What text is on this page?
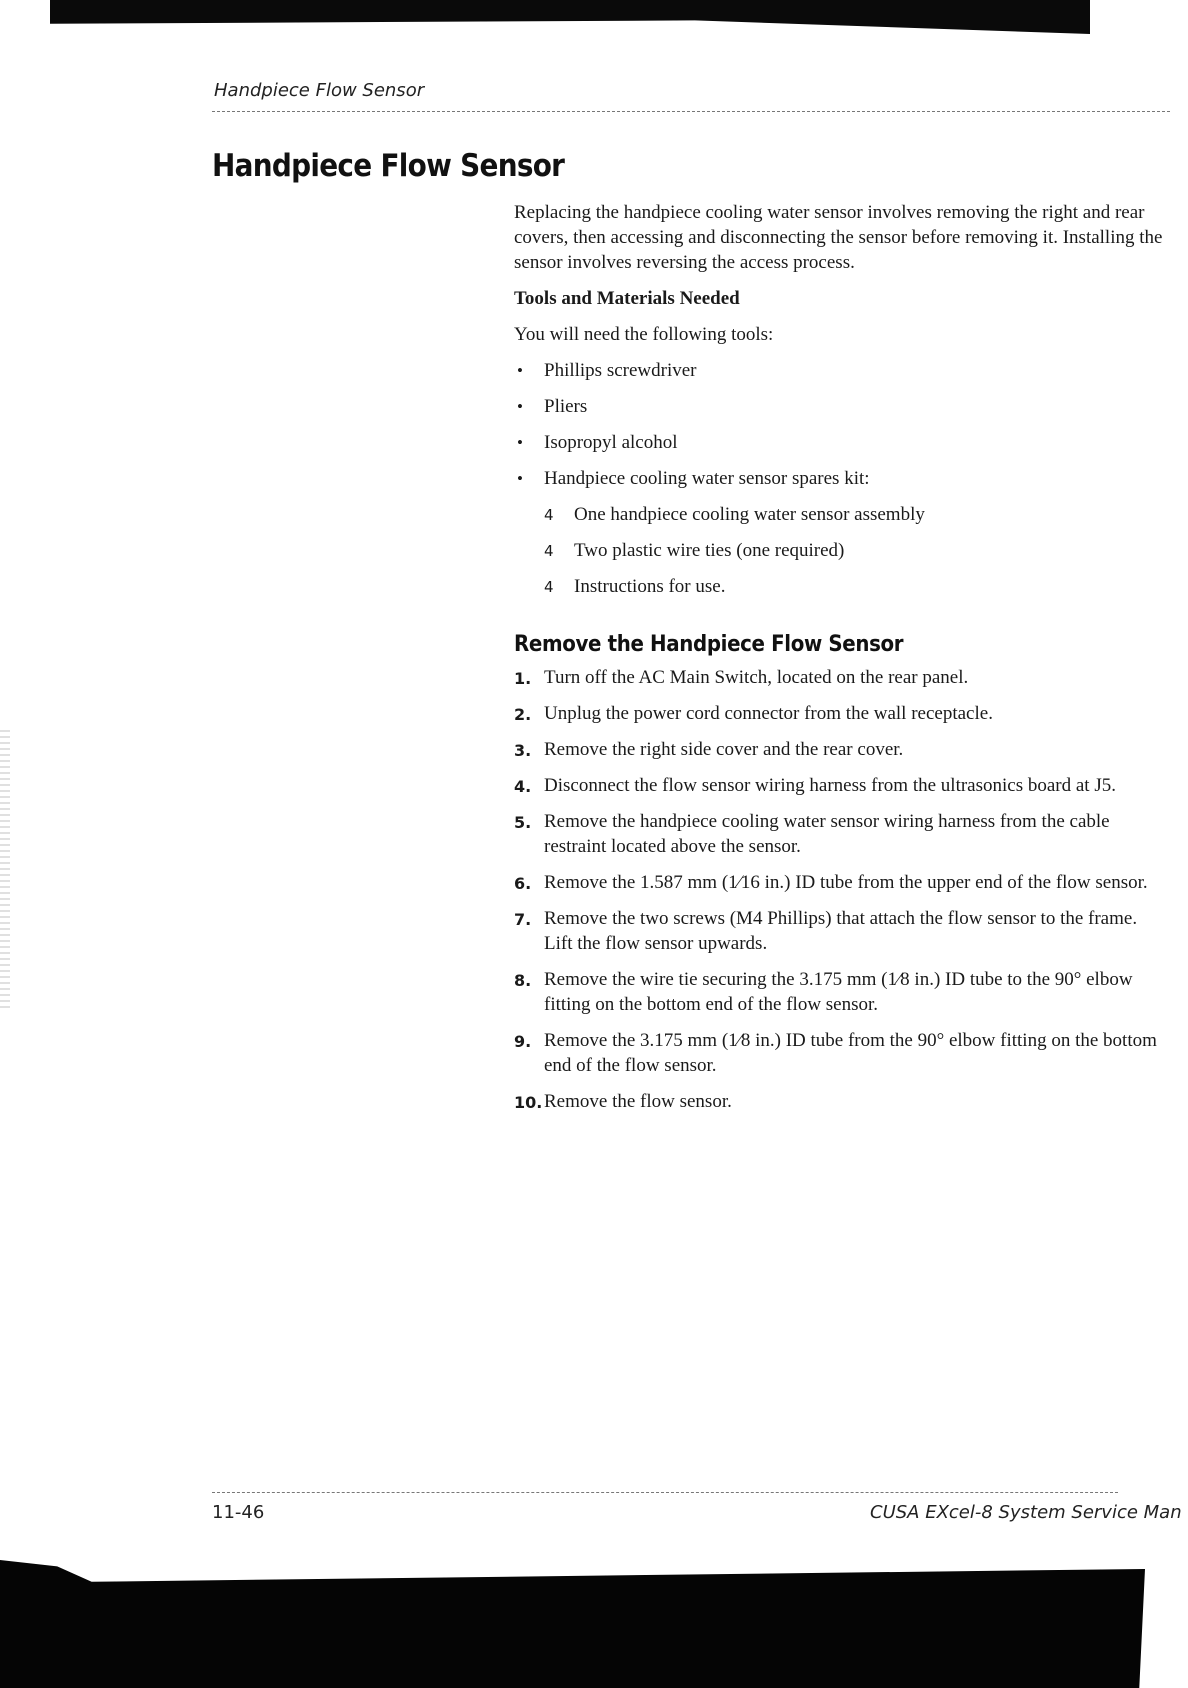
Handpiece Flow Sensor
Handpiece Flow Sensor

Replacing the handpiece cooling water sensor involves removing the right and rear covers, then accessing and disconnecting the sensor before removing it. Installing the sensor involves reversing the access process.

Tools and Materials Needed

You will need the following tools:

• Phillips screwdriver
• Pliers
• Isopropyl alcohol
• Handpiece cooling water sensor spares kit:
4 One handpiece cooling water sensor assembly
4 Two plastic wire ties (one required)
4 Instructions for use.
Remove the Handpiece Flow Sensor
1. Turn off the AC Main Switch, located on the rear panel.
2. Unplug the power cord connector from the wall receptacle.
3. Remove the right side cover and the rear cover.
4. Disconnect the flow sensor wiring harness from the ultrasonics board at J5.
5. Remove the handpiece cooling water sensor wiring harness from the cable restraint located above the sensor.
6. Remove the 1.587 mm (1⁄16 in.) ID tube from the upper end of the flow sensor.
7. Remove the two screws (M4 Phillips) that attach the flow sensor to the frame. Lift the flow sensor upwards.
8. Remove the wire tie securing the 3.175 mm (1⁄8 in.) ID tube to the 90° elbow fitting on the bottom end of the flow sensor.
9. Remove the 3.175 mm (1⁄8 in.) ID tube from the 90° elbow fitting on the bottom end of the flow sensor.
10. Remove the flow sensor.
11-46	CUSA EXcel-8 System Service Man
